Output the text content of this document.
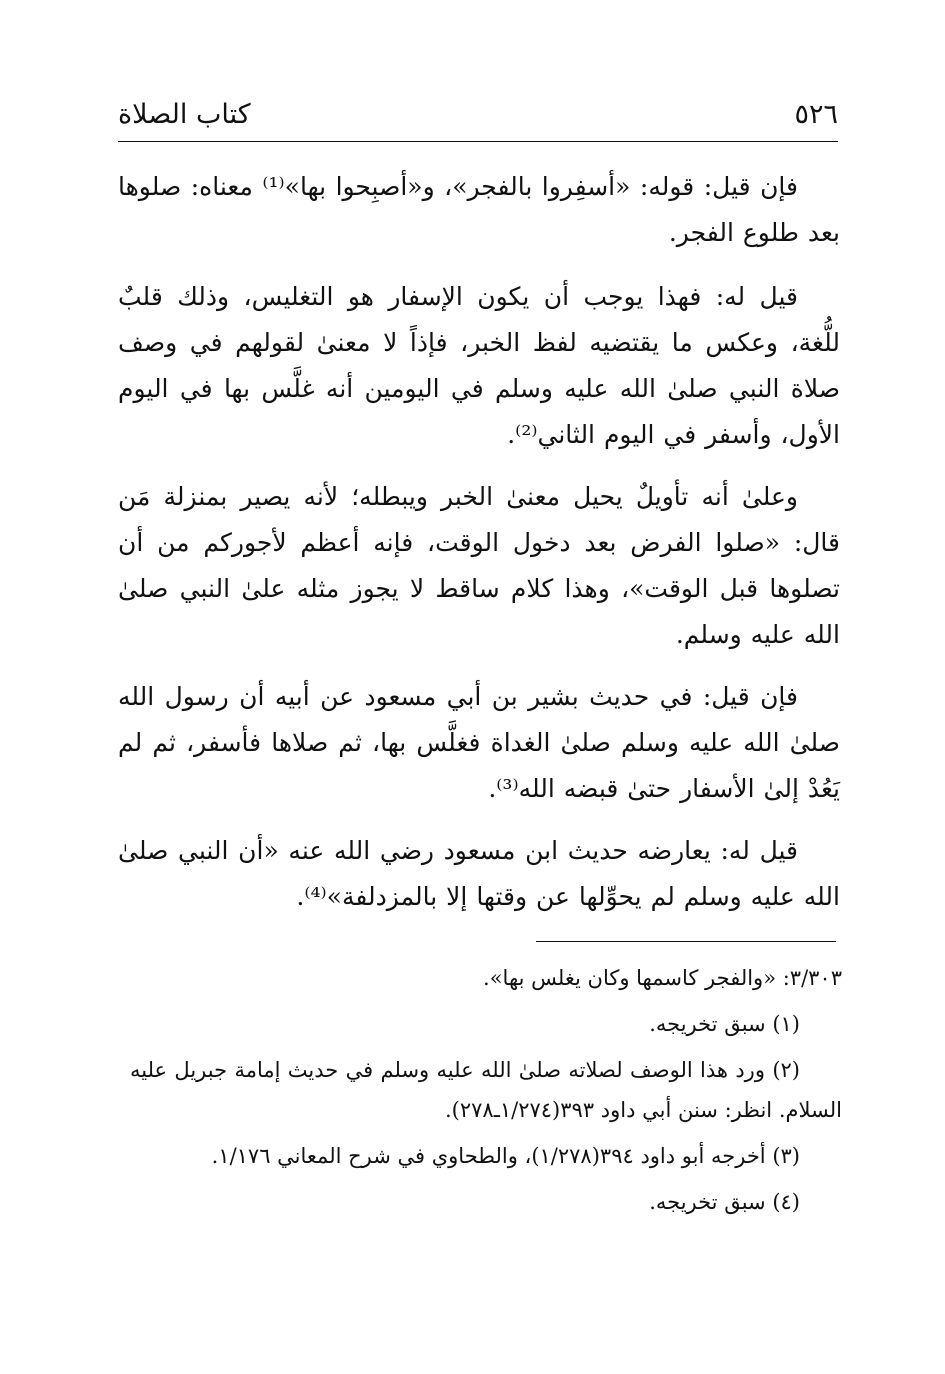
٥٢٦
كتاب الصلاة

فإن قيل: قوله: «أسفِروا بالفجر»، و«أصبِحوا بها»⁽¹⁾ معناه: صلوها بعد طلوع الفجر.

قيل له: فهذا يوجب أن يكون الإسفار هو التغليس، وذلك قلبٌ للُّغة، وعكس ما يقتضيه لفظ الخبر، فإذاً لا معنىٰ لقولهم في وصف صلاة النبي صلىٰ الله عليه وسلم في اليومين أنه غلَّس بها في اليوم الأول، وأسفر في اليوم الثاني⁽²⁾.

وعلىٰ أنه تأويلٌ يحيل معنىٰ الخبر ويبطله؛ لأنه يصير بمنزلة مَن قال: «صلوا الفرض بعد دخول الوقت، فإنه أعظم لأجوركم من أن تصلوها قبل الوقت»، وهذا كلام ساقط لا يجوز مثله علىٰ النبي صلىٰ الله عليه وسلم.

فإن قيل: في حديث بشير بن أبي مسعود عن أبيه أن رسول الله صلىٰ الله عليه وسلم صلىٰ الغداة فغلَّس بها، ثم صلاها فأسفر، ثم لم يَعُدْ إلىٰ الأسفار حتىٰ قبضه الله⁽³⁾.

قيل له: يعارضه حديث ابن مسعود رضي الله عنه «أن النبي صلىٰ الله عليه وسلم لم يحوِّلها عن وقتها إلا بالمزدلفة»⁽⁴⁾.

٣/٣٠٣: «والفجر كاسمها وكان يغلس بها».

(١) سبق تخريجه.

(٢) ورد هذا الوصف لصلاته صلىٰ الله عليه وسلم في حديث إمامة جبريل عليه السلام. انظر: سنن أبي داود ٣٩٣(١/٢٧٤ـ٢٧٨).

(٣) أخرجه أبو داود ٣٩٤(١/٢٧٨)، والطحاوي في شرح المعاني ١/١٧٦.

(٤) سبق تخريجه.
